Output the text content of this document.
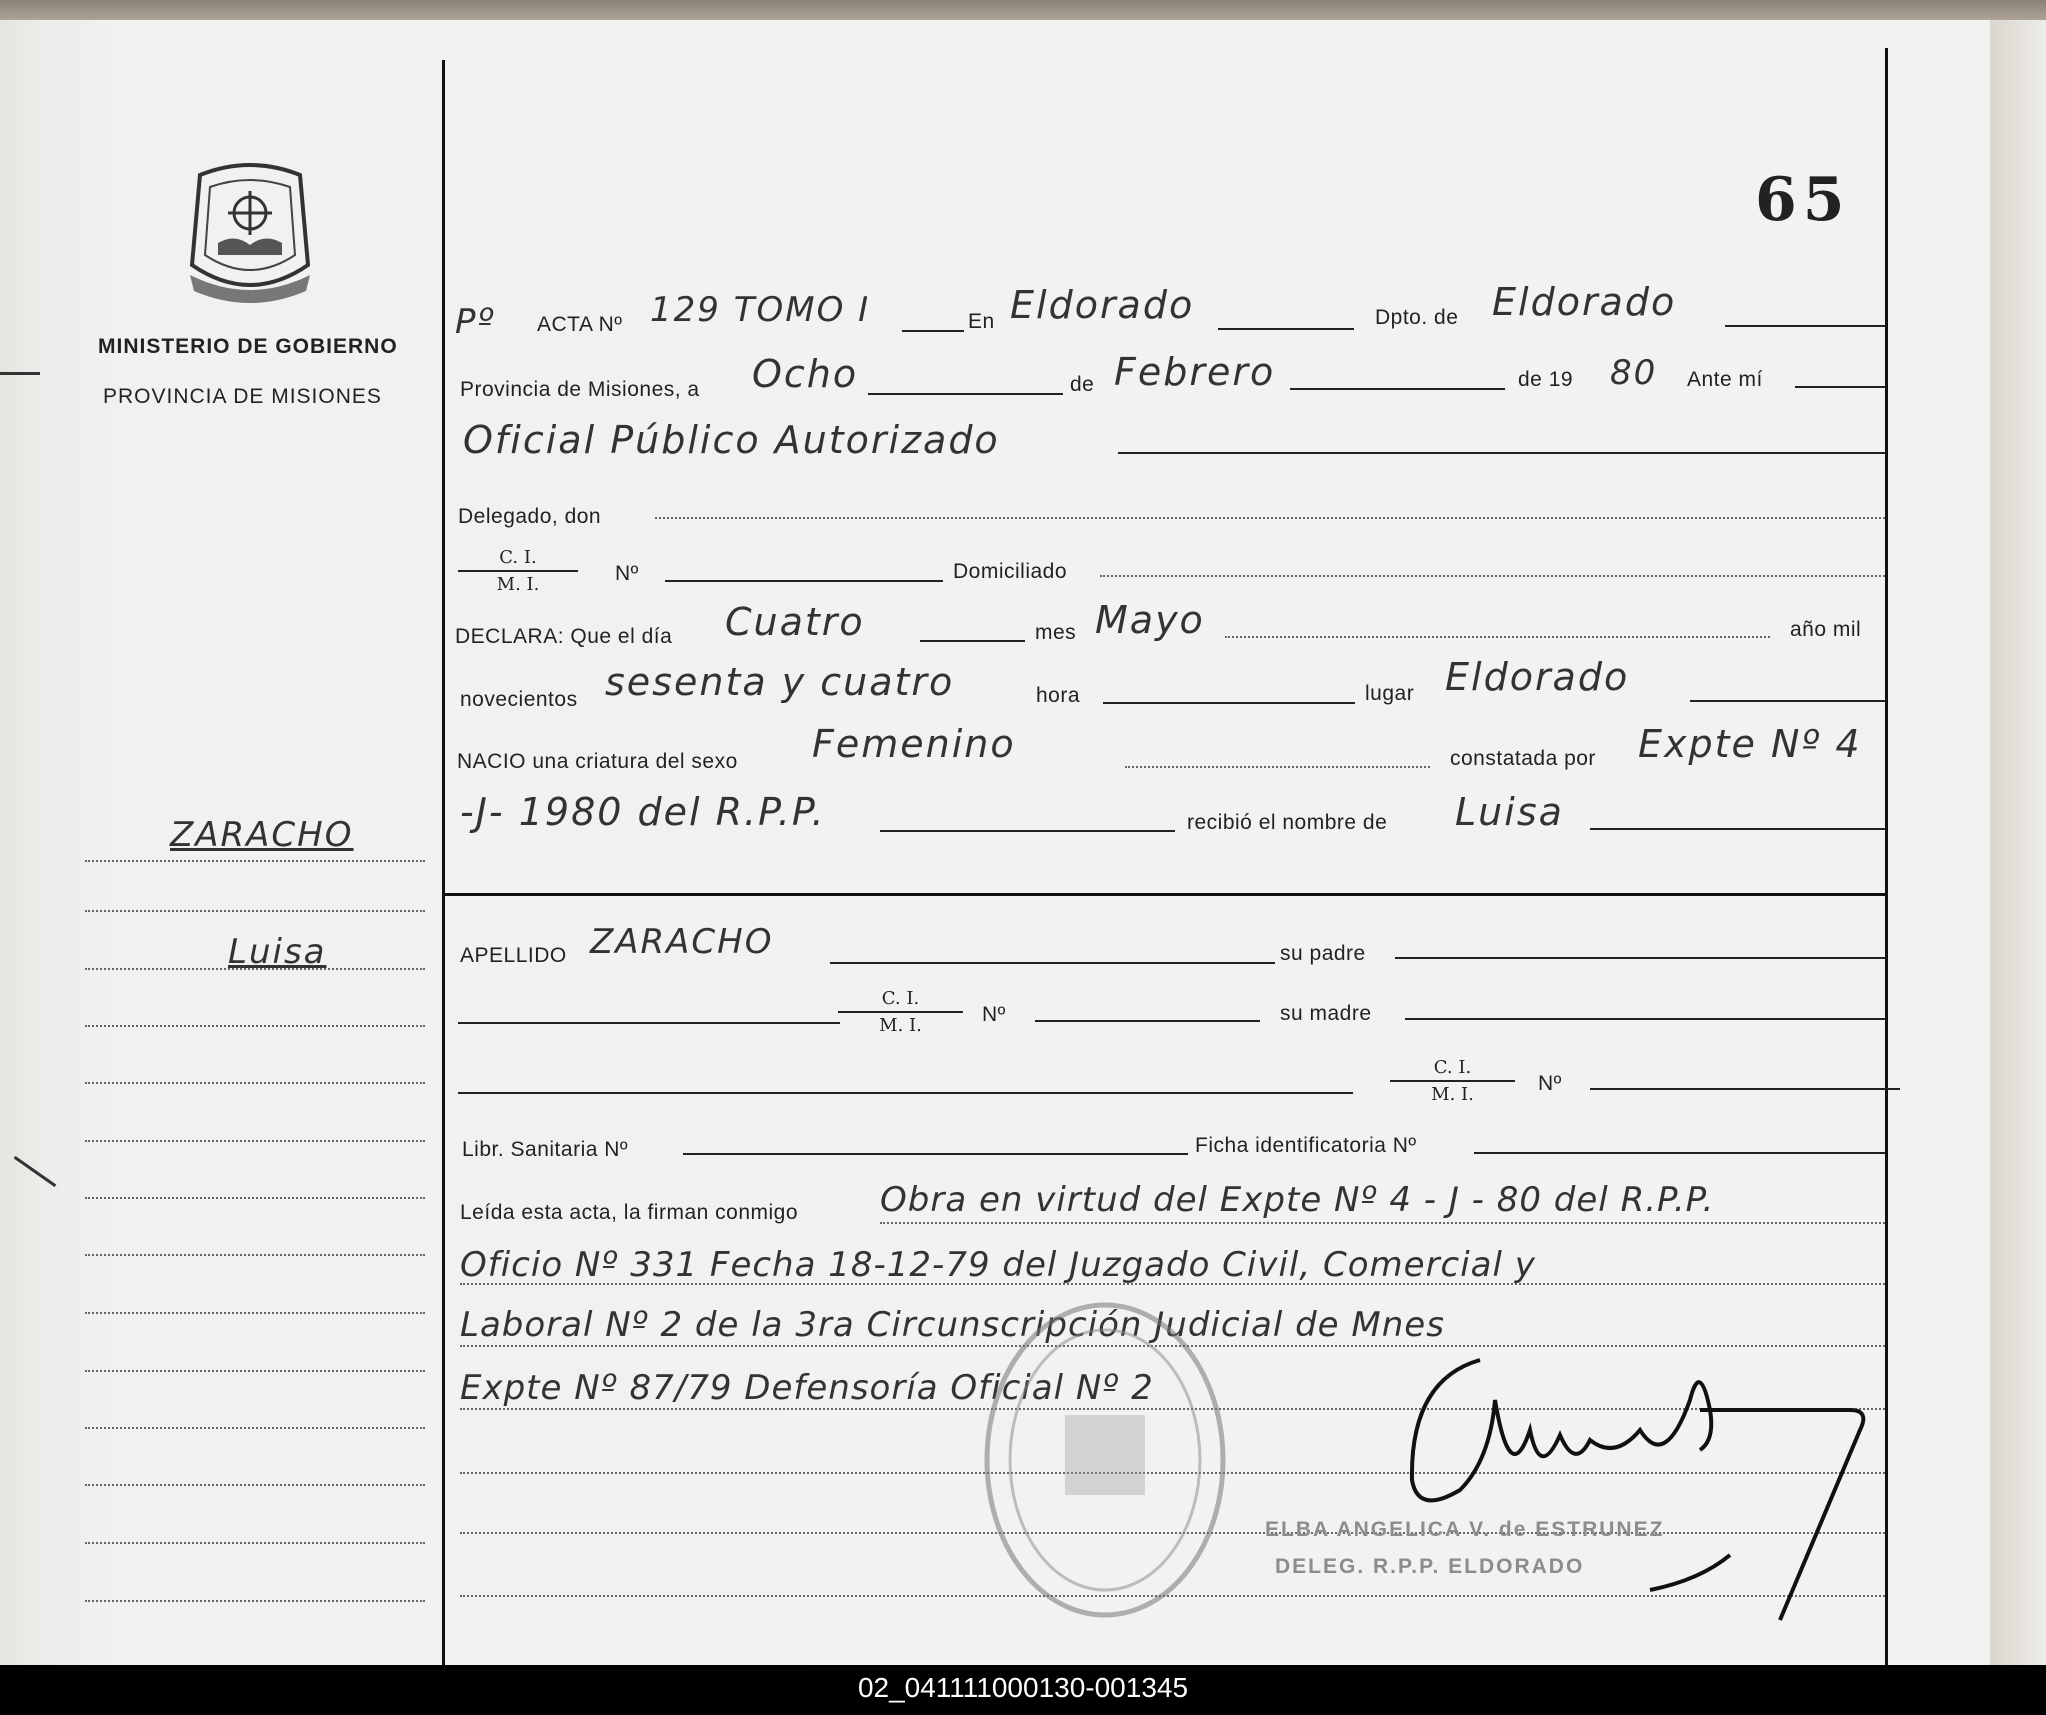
65
MINISTERIO DE GOBIERNO
PROVINCIA DE MISIONES
ZARACHO
Luisa
Pº ACTA Nº 129 TOMO I	En Eldorado	Dpto. de Eldorado
Provincia de Misiones, a Ocho	de Febrero	de 19 80 Ante mí
Oficial Público Autorizado
Delegado, don
$\frac{C. I.}{M. I.}$ Nº	Domiciliado
DECLARA: Que el día Cuatro	mes Mayo	año mil
novecientos sesenta y cuatro	hora	lugar Eldorado
NACIO una criatura del sexo Femenino	constatada por Expte Nº 4
-J- 1980 del R.P.P.	recibió el nombre de Luisa
APELLIDO ZARACHO	su padre
$\frac{C. I.}{M. I.}$ Nº	su madre
$\frac{C. I.}{M. I.}$ Nº
Libr. Sanitaria Nº	Ficha identificatoria Nº
Leída esta acta, la firman conmigo Obra en virtud del Expte Nº 4 - J - 80 del R.P.P.
Oficio Nº 331 Fecha 18-12-79 del Juzgado Civil, Comercial y
Laboral Nº 2 de la 3ra Circunscripción Judicial de Mnes
Expte Nº 87/79 Defensoría Oficial Nº 2
ELBA ANGELICA V. de ESTRUNEZ
DELEG. R.P.P. ELDORADO
02_041111000130-001345
